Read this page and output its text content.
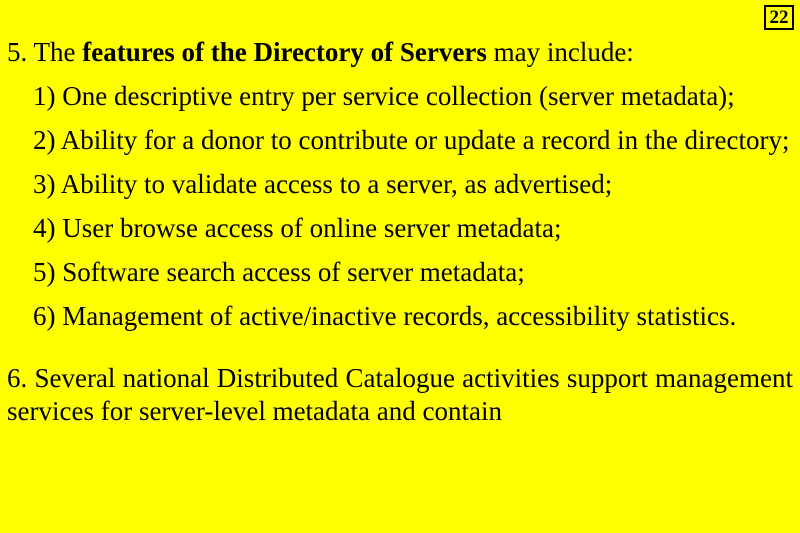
22

5. The features of the Directory of Servers may include:

1) One descriptive entry per service collection (server metadata);

2) Ability for a donor to contribute or update a record in the directory;

3) Ability to validate access to a server, as advertised;

4) User browse access of online server metadata;

5) Software search access of server metadata;

6) Management of active/inactive records, accessibility statistics.

6. Several national Distributed Catalogue activities support management services for server-level metadata and contain
